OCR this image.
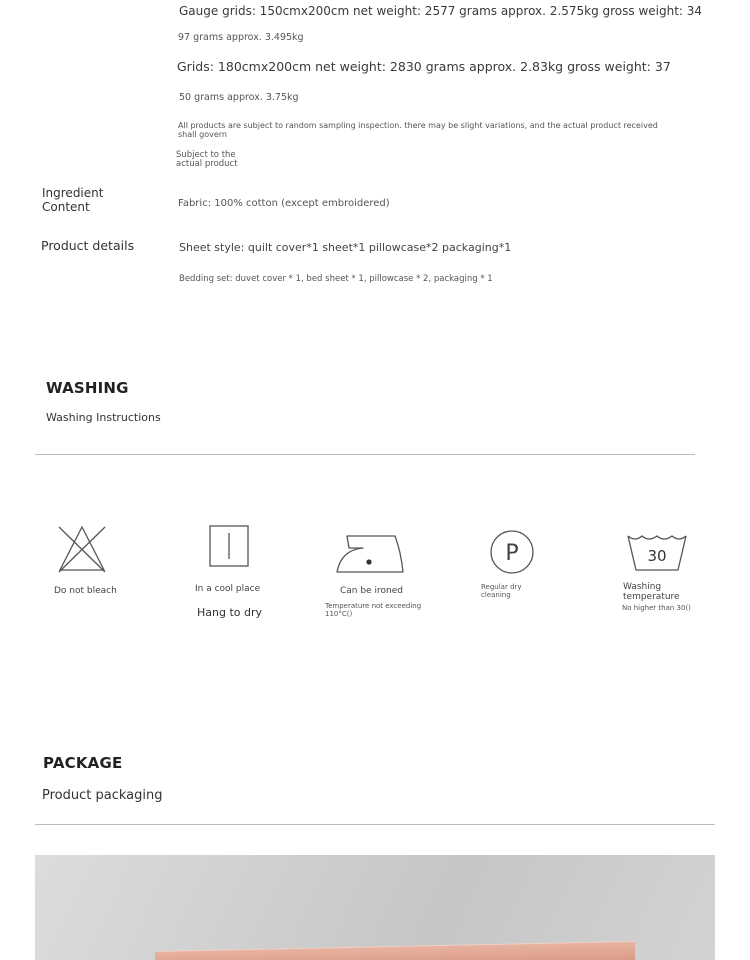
Gauge grids: 150cmx200cm net weight: 2577 grams approx. 2.575kg gross weight: 34
97 grams approx. 3.495kg
Grids: 180cmx200cm net weight: 2830 grams approx. 2.83kg gross weight: 37
50 grams approx. 3.75kg
All products are subject to random sampling inspection. there may be slight variations, and the actual product received shall govern
Subject to the actual product
Ingredient Content	Fabric: 100% cotton (except embroidered)
Product details	Sheet style: quilt cover*1 sheet*1 pillowcase*2 packaging*1
Bedding set: duvet cover * 1, bed sheet * 1, pillowcase * 2, packaging * 1
WASHING
Washing Instructions
Do not bleach	In a cool place
Hang to dry
Can be ironed
Temperature not exceeding 110°C()
P
Regular dry cleaning
30
Washing temperature
No higher than 30()
PACKAGE
Product packaging
